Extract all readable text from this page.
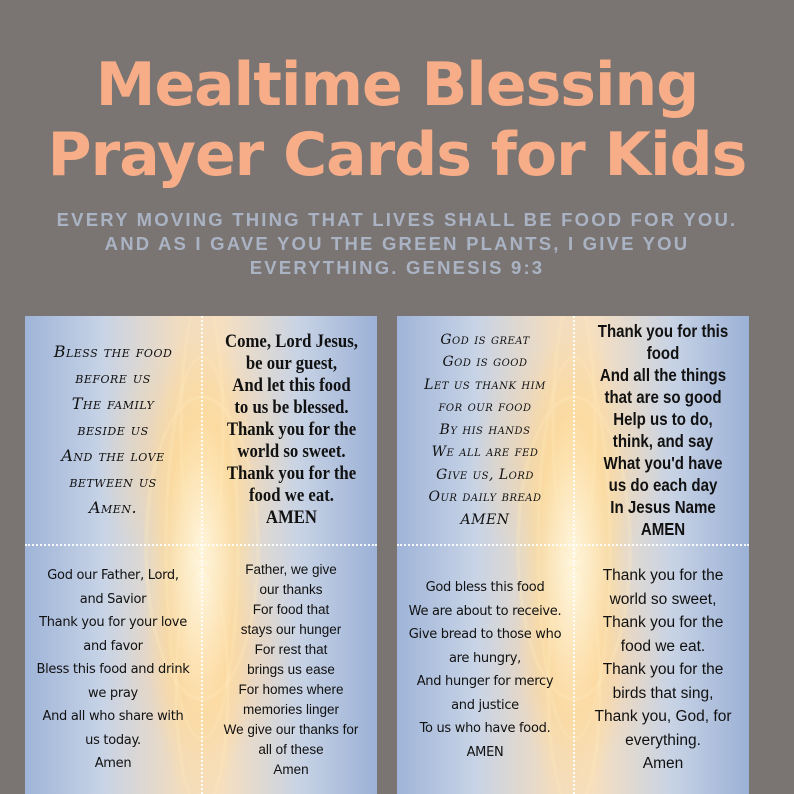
Mealtime Blessing
Prayer Cards for Kids
EVERY MOVING THING THAT LIVES SHALL BE FOOD FOR YOU. AND AS I GAVE YOU THE GREEN PLANTS, I GIVE YOU EVERYTHING. GENESIS 9:3
Bless the food
before us
The family
beside us
And the love
between us
Amen.
Come, Lord Jesus,
be our guest,
And let this food
to us be blessed.
Thank you for the
world so sweet.
Thank you for the
food we eat.
AMEN
God our Father, Lord,
and Savior
Thank you for your love
and favor
Bless this food and drink
we pray
And all who share with
us today.
Amen
Father, we give
our thanks
For food that
stays our hunger
For rest that
brings us ease
For homes where
memories linger
We give our thanks for
all of these
Amen
God is great
God is good
Let us thank him
for our food
By his hands
We all are fed
Give us, Lord
Our daily bread
AMEN
Thank you for this food
And all the things
that are so good
Help us to do,
think, and say
What you'd have
us do each day
In Jesus Name
AMEN
God bless this food
We are about to receive.
Give bread to those who
are hungry,
And hunger for mercy
and justice
To us who have food.
AMEN
Thank you for the
world so sweet,
Thank you for the
food we eat.
Thank you for the
birds that sing,
Thank you, God, for
everything.
Amen
